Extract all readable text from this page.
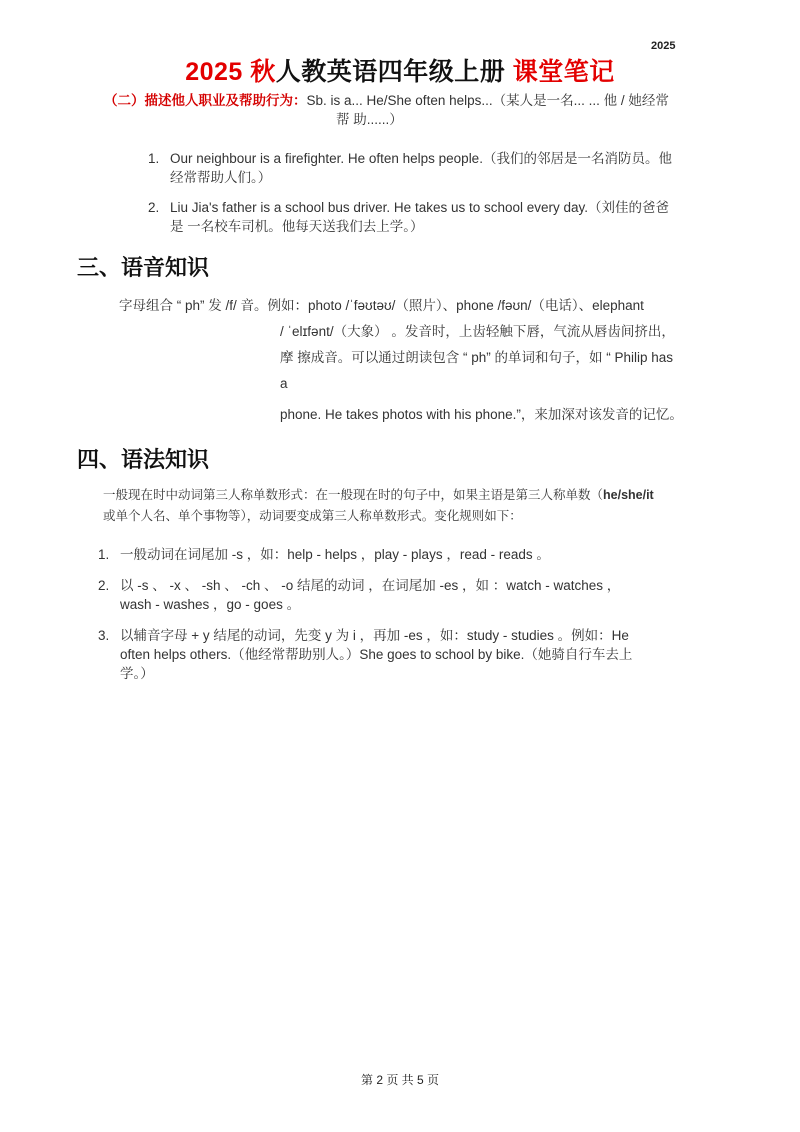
2025
2025 秋人教英语四年级上册 课堂笔记
（二）描述他人职业及帮助行为：Sb. is a... He/She often helps...（某人是一名... ... 他 / 她经常
帮 助......）
1. Our neighbour is a firefighter. He often helps people.（我们的邻居是一名消防员。他
经常帮助人们。）
2. Liu Jia's father is a school bus driver. He takes us to school every day.（刘佳的爸爸
是 一名校车司机。他每天送我们去上学。）
三、语音知识
字母组合 “ ph” 发 /f/ 音。例如：photo /ˈfəʊtəʊ/（照片）、phone /fəʊn/（电话）、elephant
/ ˈelɪfənt/（大象） 。发音时，上齿轻触下唇，气流从唇齿间挤出，
摩 擦成音。可以通过朗读包含 “ ph” 的单词和句子，如 “ Philip has
a
phone. He takes photos with his phone.”，来加深对该发音的记忆。
四、语法知识
一般现在时中动词第三人称单数形式：在一般现在时的句子中，如果主语是第三人称单数（he/she/it
或单个人名、单个事物等），动词要变成第三人称单数形式。变化规则如下：
1. 一般动词在词尾加 -s ，如：help - helps ，play - plays ，read - reads 。
2. 以 -s 、 -x 、 -sh 、 -ch 、 -o 结尾的动词 ，在词尾加 -es ，如 ：watch - watches ，
wash - washes ，go - goes 。
3. 以辅音字母 + y 结尾的动词，先变 y 为 i ，再加 -es ，如：study - studies 。例如：He
often helps others.（他经常帮助别人。）She goes to school by bike.（她骑自行车去上
学。）
第 2 页 共 5 页
